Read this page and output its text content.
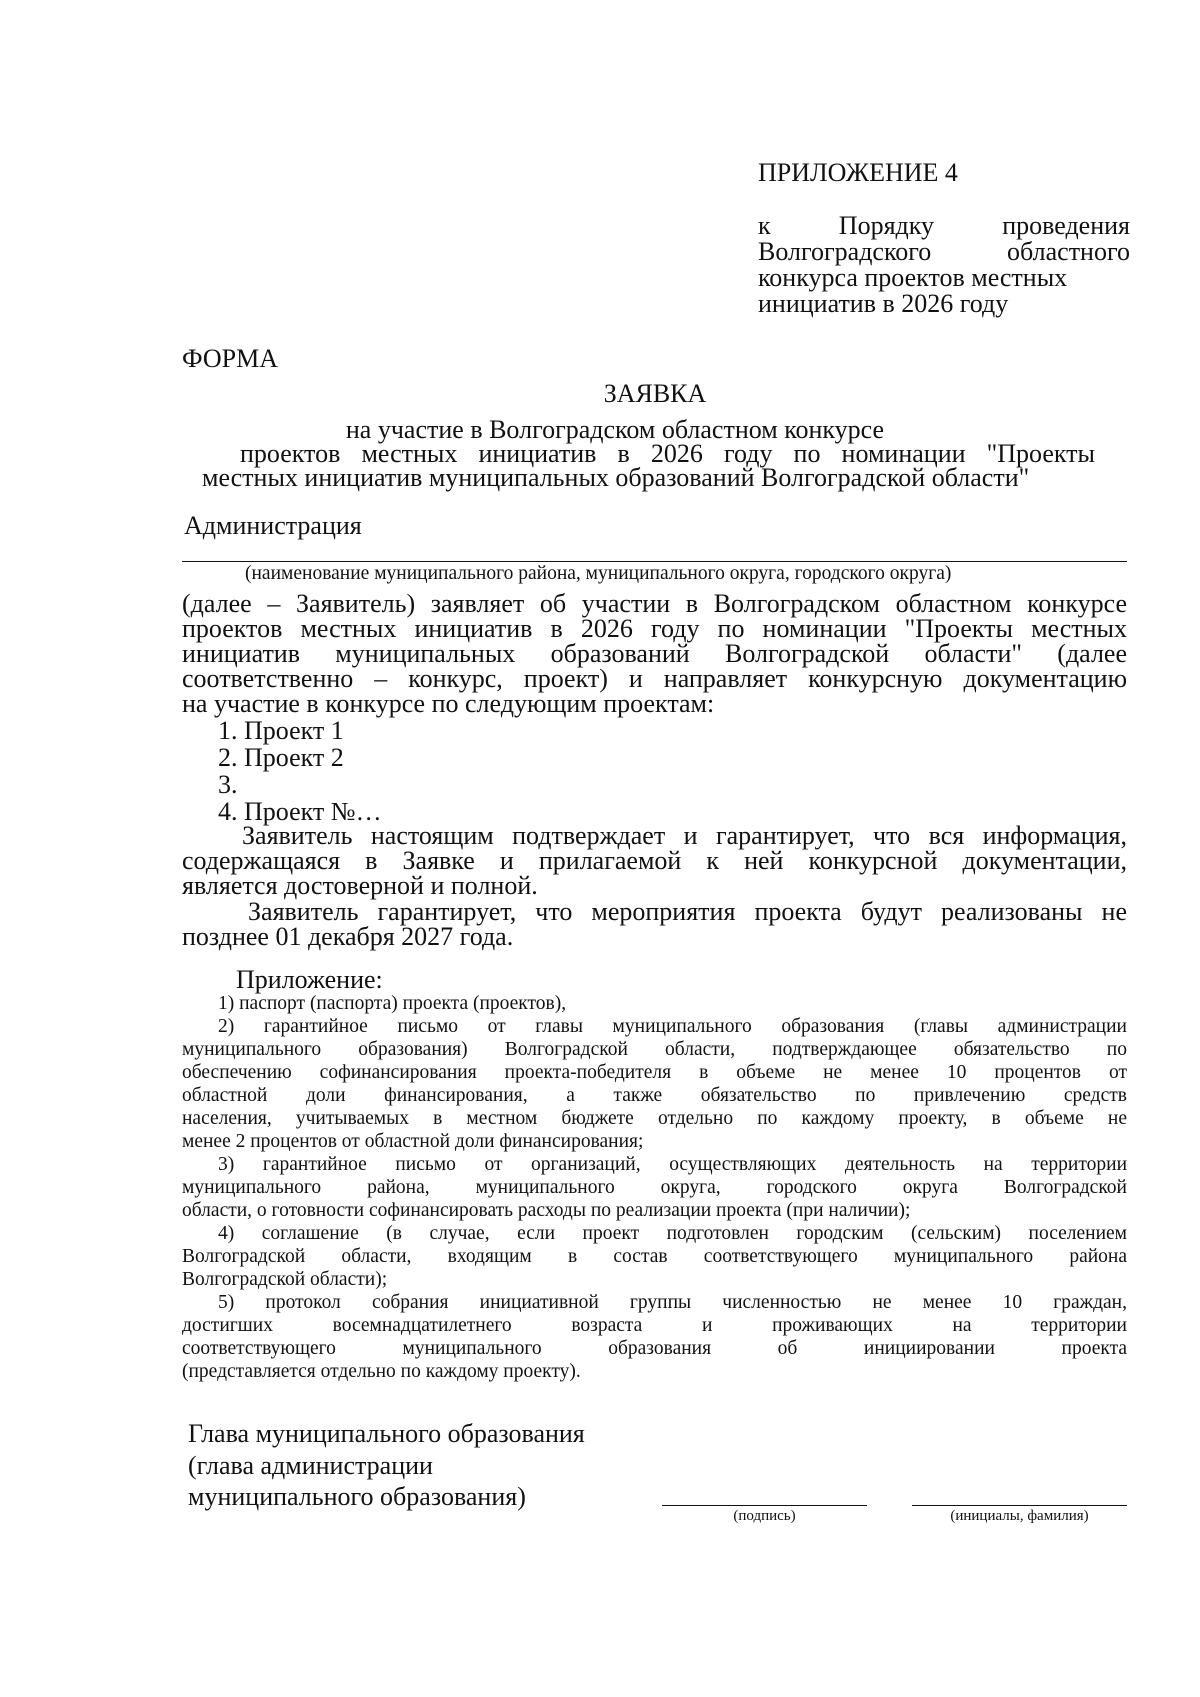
ПРИЛОЖЕНИЕ 4
к Порядку проведения
Волгоградского областного
конкурса проектов местных
инициатив в 2026 году
ФОРМА
ЗАЯВКА
на участие в Волгоградском областном конкурсе
проектов местных инициатив в 2026 году по номинации "Проекты
местных инициатив муниципальных образований Волгоградской области"
Администрация
(наименование муниципального района, муниципального округа, городского округа)
(далее – Заявитель) заявляет об участии в Волгоградском областном конкурсе
проектов местных инициатив в 2026 году по номинации "Проекты местных
инициатив муниципальных образований Волгоградской области" (далее
соответственно – конкурс, проект) и направляет конкурсную документацию
на участие в конкурсе по следующим проектам:
1. Проект 1
2. Проект 2
3.
4. Проект №…
Заявитель настоящим подтверждает и гарантирует, что вся информация,
содержащаяся в Заявке и прилагаемой к ней конкурсной документации,
является достоверной и полной.
Заявитель гарантирует, что мероприятия проекта будут реализованы не
позднее 01 декабря 2027 года.
Приложение:
1) паспорт (паспорта) проекта (проектов),
2) гарантийное письмо от главы муниципального образования (главы администрации
муниципального образования) Волгоградской области, подтверждающее обязательство по
обеспечению софинансирования проекта-победителя в объеме не менее 10 процентов от
областной доли финансирования, а также обязательство по привлечению средств
населения, учитываемых в местном бюджете отдельно по каждому проекту, в объеме не
менее 2 процентов от областной доли финансирования;
3) гарантийное письмо от организаций, осуществляющих деятельность на территории
муниципального района, муниципального округа, городского округа Волгоградской
области, о готовности софинансировать расходы по реализации проекта (при наличии);
4) соглашение (в случае, если проект подготовлен городским (сельским) поселением
Волгоградской области, входящим в состав соответствующего муниципального района
Волгоградской области);
5) протокол собрания инициативной группы численностью не менее 10 граждан,
достигших восемнадцатилетнего возраста и проживающих на территории
соответствующего муниципального образования об инициировании проекта
(представляется отдельно по каждому проекту).
Глава муниципального образования
(глава администрации
муниципального образования)
(подпись)	(инициалы, фамилия)
